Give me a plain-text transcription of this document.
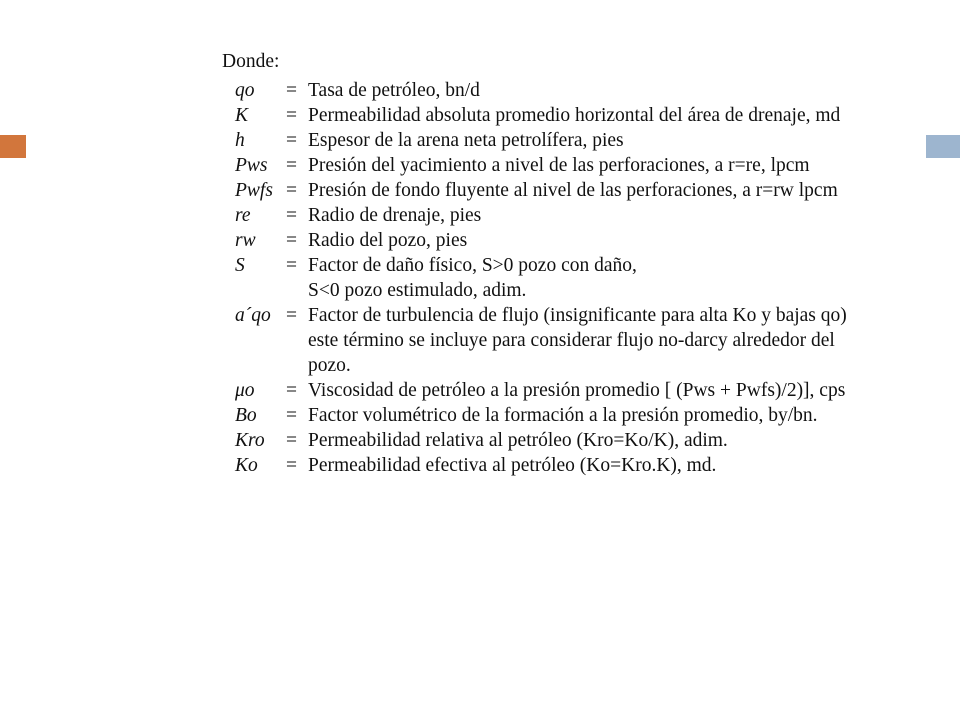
Donde:
qo	= Tasa de petróleo, bn/d
K	= Permeabilidad absoluta promedio horizontal del área de drenaje, md
h	= Espesor de la arena neta petrolífera, pies
Pws = Presión del yacimiento a nivel de las perforaciones, a r=re, lpcm
Pwfs = Presión de fondo fluyente al nivel de las perforaciones, a r=rw lpcm
re	= Radio de drenaje, pies
rw	= Radio del pozo, pies
S	= Factor de daño físico, S>0 pozo con daño,
S<0 pozo estimulado, adim.
a´qo = Factor de turbulencia de flujo (insignificante para alta Ko y bajas qo)
este término se incluye para considerar flujo no-darcy alrededor del
pozo.
μo	= Viscosidad de petróleo a la presión promedio [ (Pws + Pwfs)/2)], cps
Bo	= Factor volumétrico de la formación a la presión promedio, by/bn.
Kro	= Permeabilidad relativa al petróleo (Kro=Ko/K), adim.
Ko	= Permeabilidad efectiva al petróleo (Ko=Kro.K), md.
